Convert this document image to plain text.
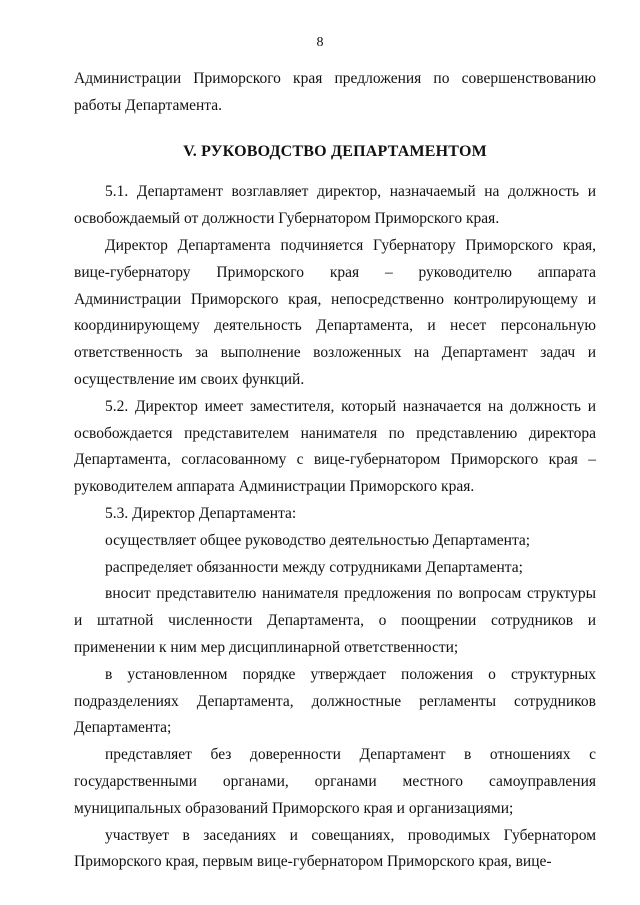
8

Администрации Приморского края предложения по совершенствованию работы Департамента.

V. РУКОВОДСТВО ДЕПАРТАМЕНТОМ

5.1. Департамент возглавляет директор, назначаемый на должность и освобождаемый от должности Губернатором Приморского края.

Директор Департамента подчиняется Губернатору Приморского края, вице-губернатору Приморского края – руководителю аппарата Администрации Приморского края, непосредственно контролирующему и координирующему деятельность Департамента, и несет персональную ответственность за выполнение возложенных на Департамент задач и осуществление им своих функций.

5.2. Директор имеет заместителя, который назначается на должность и освобождается представителем нанимателя по представлению директора Департамента, согласованному с вице-губернатором Приморского края – руководителем аппарата Администрации Приморского края.

5.3. Директор Департамента:

осуществляет общее руководство деятельностью Департамента;

распределяет обязанности между сотрудниками Департамента;

вносит представителю нанимателя предложения по вопросам структуры и штатной численности Департамента, о поощрении сотрудников и применении к ним мер дисциплинарной ответственности;

в установленном порядке утверждает положения о структурных подразделениях Департамента, должностные регламенты сотрудников Департамента;

представляет без доверенности Департамент в отношениях с государственными органами, органами местного самоуправления муниципальных образований Приморского края и организациями;

участвует в заседаниях и совещаниях, проводимых Губернатором Приморского края, первым вице-губернатором Приморского края, вице-
